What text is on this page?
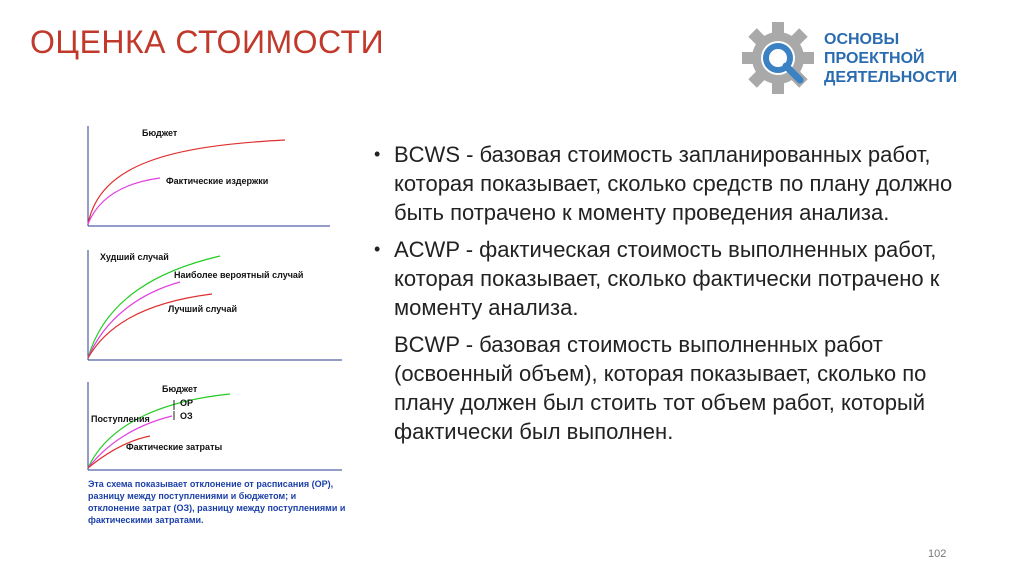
ОЦЕНКА СТОИМОСТИ	ОСНОВЫ
ПРОЕКТНОЙ
ДЕЯТЕЛЬНОСТИ
Бюджет
Фактические издержки
Худший случай
Наиболее вероятный случай
Лучший случай
Бюджет
ОР
ОЗ
Поступления
Фактические затраты
Эта схема показывает отклонение от расписания (ОР), разницу между поступлениями и бюджетом; и отклонение затрат (ОЗ), разницу между поступлениями и фактическими затратами.
• BCWS - базовая стоимость запланированных работ, которая показывает, сколько средств по плану должно быть потрачено к моменту проведения анализа.
• ACWP - фактическая стоимость выполненных работ, которая показывает, сколько фактически потрачено к моменту анализа.
BCWP - базовая стоимость выполненных работ (освоенный объем), которая показывает, сколько по плану должен был стоить тот объем работ, который фактически был выполнен.
102
